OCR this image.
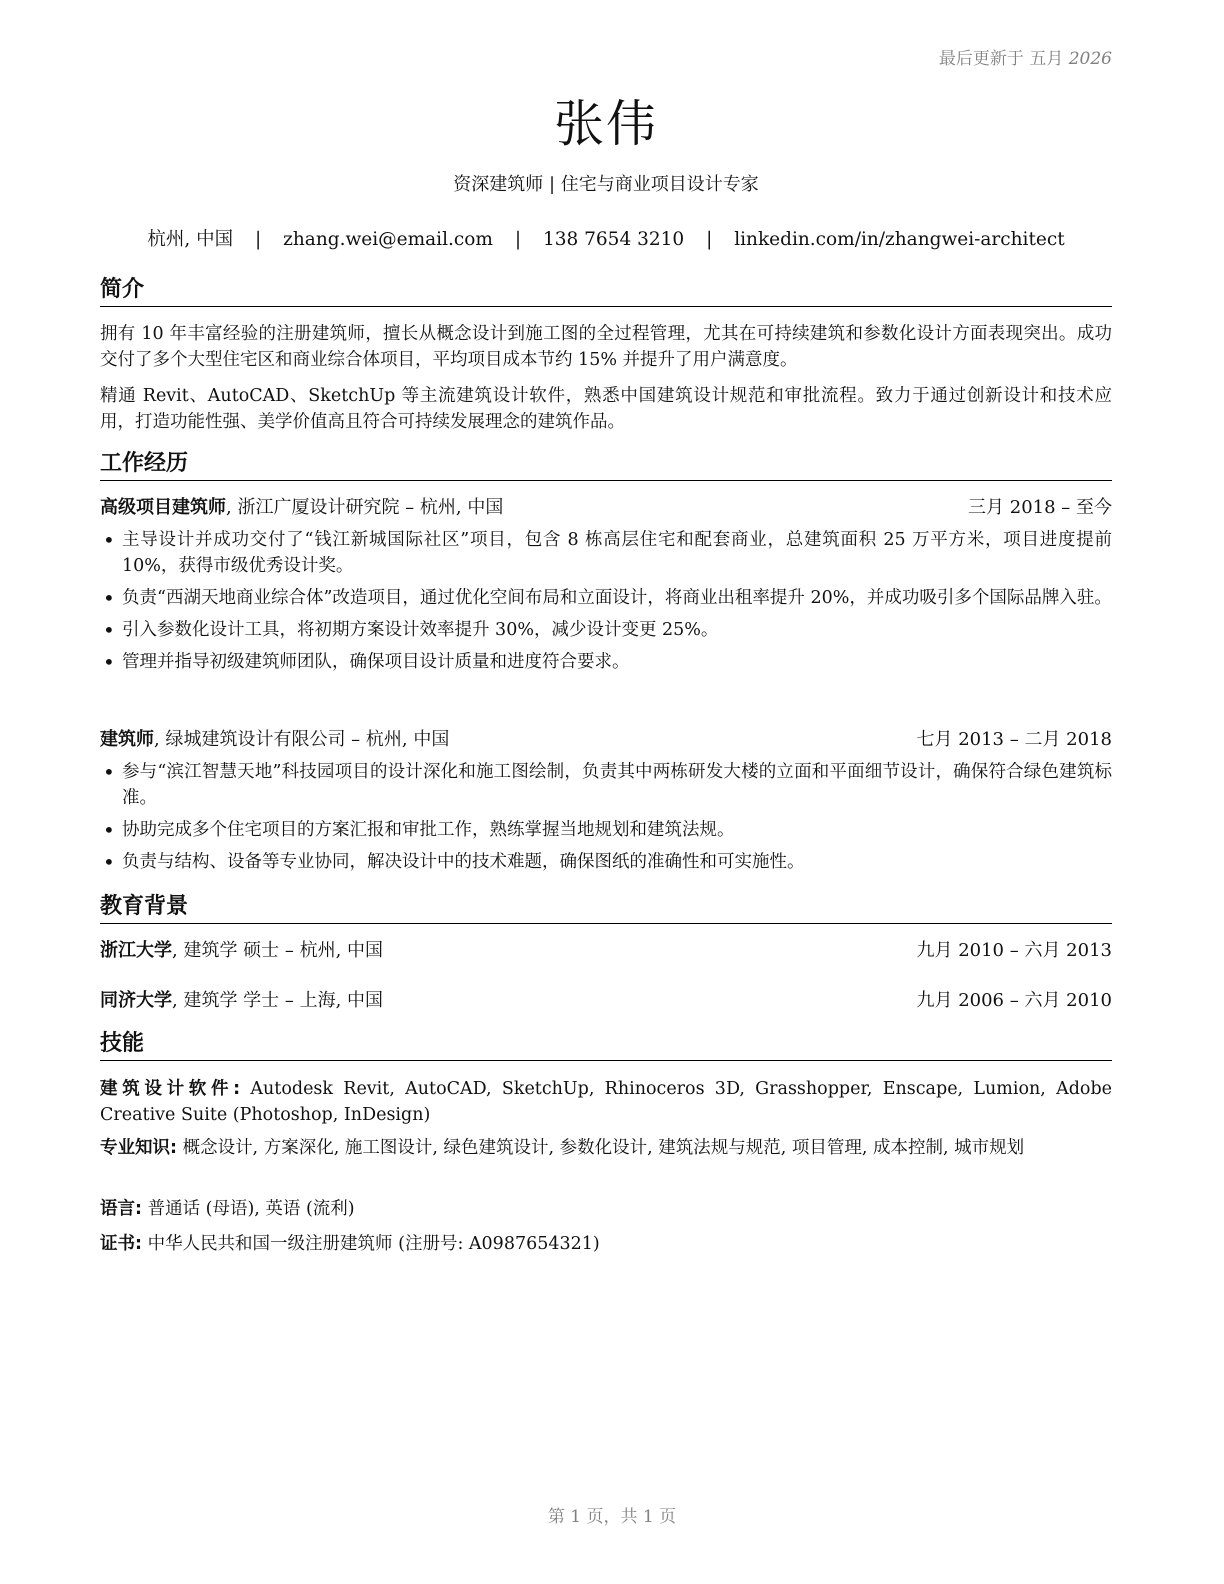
最后更新于 五月 2026
张伟
资深建筑师 | 住宅与商业项目设计专家
杭州, 中国 | zhang.wei@email.com | 138 7654 3210 | linkedin.com/in/zhangwei-architect
简介
拥有 10 年丰富经验的注册建筑师，擅长从概念设计到施工图的全过程管理，尤其在可持续建筑和参数化设计方面表现突出。成功交付了多个大型住宅区和商业综合体项目，平均项目成本节约 15% 并提升了用户满意度。
精通 Revit、AutoCAD、SketchUp 等主流建筑设计软件，熟悉中国建筑设计规范和审批流程。致力于通过创新设计和技术应用，打造功能性强、美学价值高且符合可持续发展理念的建筑作品。
工作经历
高级项目建筑师, 浙江广厦设计研究院 – 杭州, 中国	三月 2018 – 至今
• 主导设计并成功交付了“钱江新城国际社区”项目，包含 8 栋高层住宅和配套商业，总建筑面积 25 万平方米，项目进度提前 10%，获得市级优秀设计奖。
• 负责“西湖天地商业综合体”改造项目，通过优化空间布局和立面设计，将商业出租率提升 20%，并成功吸引多个国际品牌入驻。
• 引入参数化设计工具，将初期方案设计效率提升 30%，减少设计变更 25%。
• 管理并指导初级建筑师团队，确保项目设计质量和进度符合要求。
建筑师, 绿城建筑设计有限公司 – 杭州, 中国	七月 2013 – 二月 2018
• 参与“滨江智慧天地”科技园项目的设计深化和施工图绘制，负责其中两栋研发大楼的立面和平面细节设计，确保符合绿色建筑标准。
• 协助完成多个住宅项目的方案汇报和审批工作，熟练掌握当地规划和建筑法规。
• 负责与结构、设备等专业协同，解决设计中的技术难题，确保图纸的准确性和可实施性。
教育背景
浙江大学, 建筑学 硕士 – 杭州, 中国	九月 2010 – 六月 2013
同济大学, 建筑学 学士 – 上海, 中国	九月 2006 – 六月 2010
技能
建筑设计软件: Autodesk Revit, AutoCAD, SketchUp, Rhinoceros 3D, Grasshopper, Enscape, Lumion, Adobe Creative Suite (Photoshop, InDesign)
专业知识: 概念设计, 方案深化, 施工图设计, 绿色建筑设计, 参数化设计, 建筑法规与规范, 项目管理, 成本控制, 城市规划
语言: 普通话 (母语), 英语 (流利)
证书: 中华人民共和国一级注册建筑师 (注册号: A0987654321)
第 1 页，共 1 页
